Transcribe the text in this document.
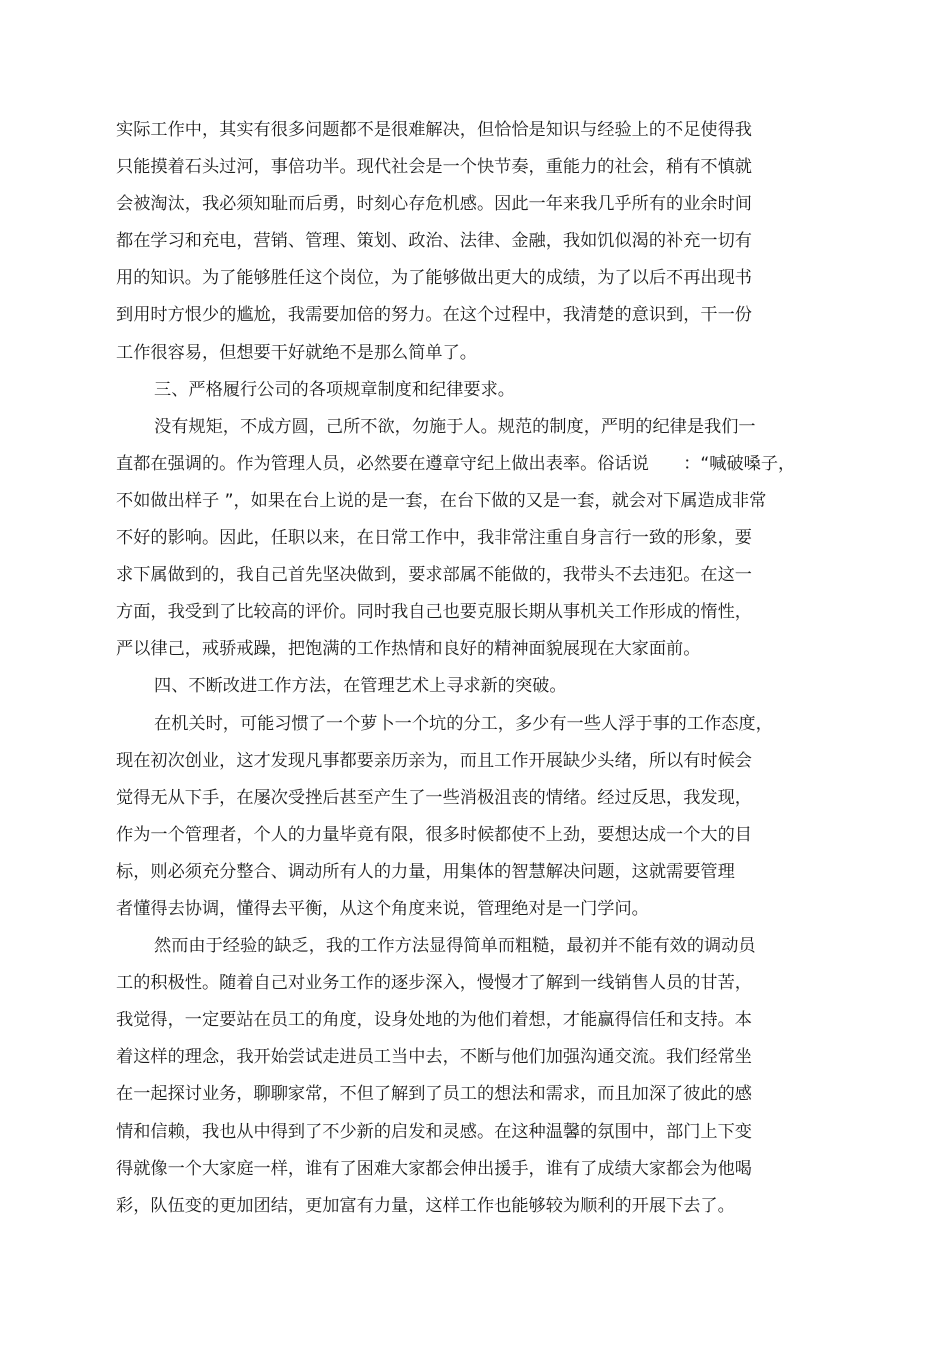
实际工作中，其实有很多问题都不是很难解决，但恰恰是知识与经验上的不足使得我
只能摸着石头过河，事倍功半。现代社会是一个快节奏，重能力的社会，稍有不慎就
会被淘汰，我必须知耻而后勇，时刻心存危机感。因此一年来我几乎所有的业余时间
都在学习和充电，营销、管理、策划、政治、法律、金融，我如饥似渴的补充一切有
用的知识。为了能够胜任这个岗位，为了能够做出更大的成绩，为了以后不再出现书
到用时方恨少的尴尬，我需要加倍的努力。在这个过程中，我清楚的意识到，干一份
工作很容易，但想要干好就绝不是那么简单了。
三、严格履行公司的各项规章制度和纪律要求。
没有规矩，不成方圆，己所不欲，勿施于人。规范的制度，严明的纪律是我们一
直都在强调的。作为管理人员，必然要在遵章守纪上做出表率。俗话说　　：“喊破嗓子，
不如做出样子 ”，如果在台上说的是一套，在台下做的又是一套，就会对下属造成非常
不好的影响。因此，任职以来，在日常工作中，我非常注重自身言行一致的形象，要
求下属做到的，我自己首先坚决做到，要求部属不能做的，我带头不去违犯。在这一
方面，我受到了比较高的评价。同时我自己也要克服长期从事机关工作形成的惰性，
严以律己，戒骄戒躁，把饱满的工作热情和良好的精神面貌展现在大家面前。
四、不断改进工作方法，在管理艺术上寻求新的突破。
在机关时，可能习惯了一个萝卜一个坑的分工，多少有一些人浮于事的工作态度，
现在初次创业，这才发现凡事都要亲历亲为，而且工作开展缺少头绪，所以有时候会
觉得无从下手，在屡次受挫后甚至产生了一些消极沮丧的情绪。经过反思，我发现，
作为一个管理者，个人的力量毕竟有限，很多时候都使不上劲，要想达成一个大的目
标，则必须充分整合、调动所有人的力量，用集体的智慧解决问题，这就需要管理
者懂得去协调，懂得去平衡，从这个角度来说，管理绝对是一门学问。
然而由于经验的缺乏，我的工作方法显得简单而粗糙，最初并不能有效的调动员
工的积极性。随着自己对业务工作的逐步深入，慢慢才了解到一线销售人员的甘苦，
我觉得，一定要站在员工的角度，设身处地的为他们着想，才能赢得信任和支持。本
着这样的理念，我开始尝试走进员工当中去，不断与他们加强沟通交流。我们经常坐
在一起探讨业务，聊聊家常，不但了解到了员工的想法和需求，而且加深了彼此的感
情和信赖，我也从中得到了不少新的启发和灵感。在这种温馨的氛围中，部门上下变
得就像一个大家庭一样，谁有了困难大家都会伸出援手，谁有了成绩大家都会为他喝
彩，队伍变的更加团结，更加富有力量，这样工作也能够较为顺利的开展下去了。
